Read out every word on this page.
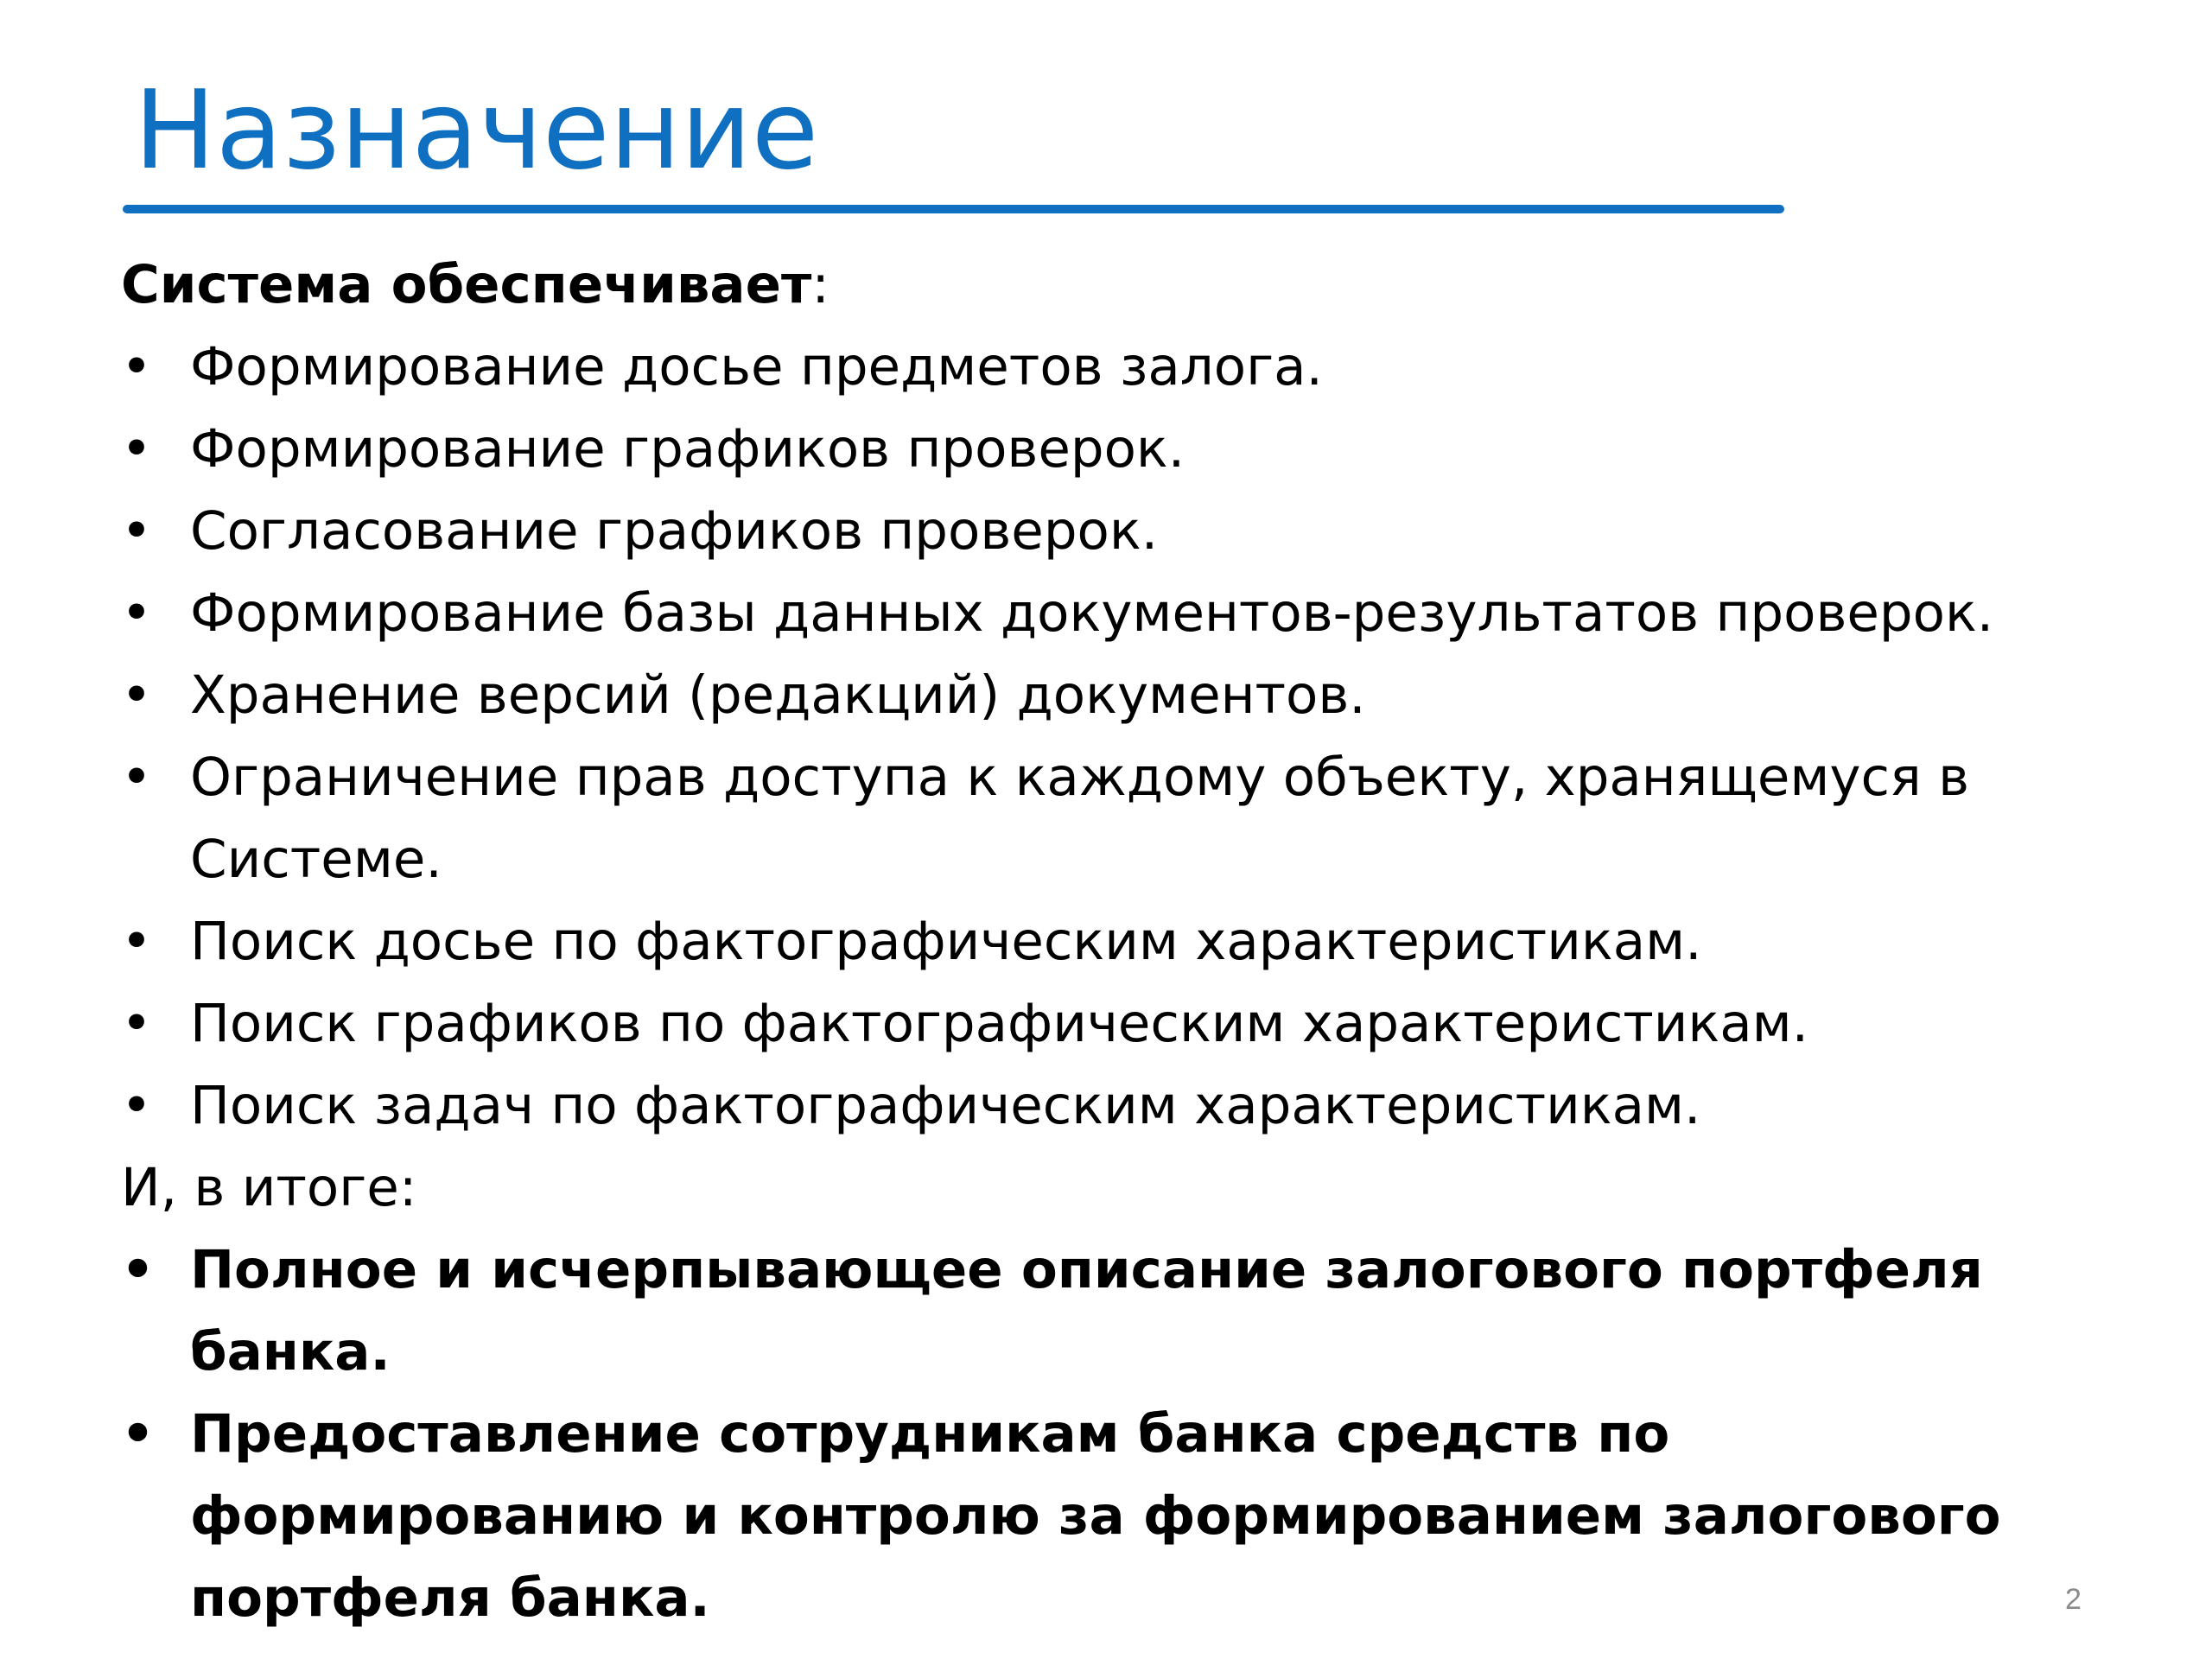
Назначение

Система обеспечивает:

• Формирование досье предметов залога.
• Формирование графиков проверок.
• Согласование графиков проверок.
• Формирование базы данных документов-результатов проверок.
• Хранение версий (редакций) документов.
• Ограничение прав доступа к каждому объекту, хранящемуся в Системе.
• Поиск досье по фактографическим характеристикам.
• Поиск графиков по фактографическим характеристикам.
• Поиск задач по фактографическим характеристикам.

И, в итоге:

• Полное и исчерпывающее описание залогового портфеля банка.
• Предоставление сотрудникам банка средств по формированию и контролю за формированием залогового портфеля банка.	2
